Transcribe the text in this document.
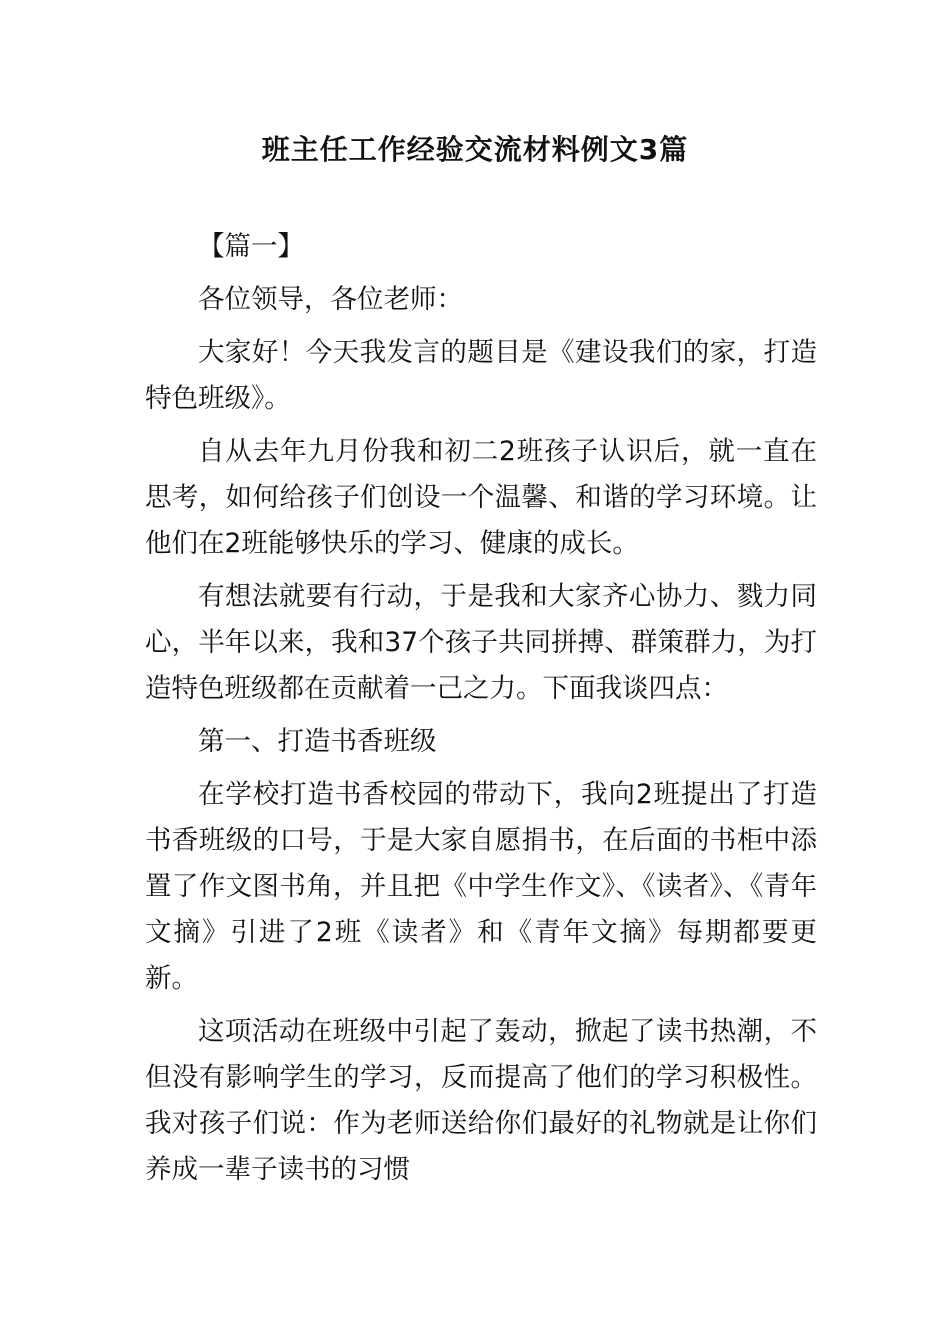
班主任工作经验交流材料例文3篇

【篇一】

各位领导，各位老师：

大家好！今天我发言的题目是《建设我们的家，打造特色班级》。

自从去年九月份我和初二2班孩子认识后，就一直在思考，如何给孩子们创设一个温馨、和谐的学习环境。让他们在2班能够快乐的学习、健康的成长。

有想法就要有行动，于是我和大家齐心协力、戮力同心，半年以来，我和37个孩子共同拼搏、群策群力，为打造特色班级都在贡献着一己之力。下面我谈四点：

第一、打造书香班级

在学校打造书香校园的带动下，我向2班提出了打造书香班级的口号，于是大家自愿捐书，在后面的书柜中添置了作文图书角，并且把《中学生作文》、《读者》、《青年文摘》引进了2班《读者》和《青年文摘》每期都要更新。

这项活动在班级中引起了轰动，掀起了读书热潮，不但没有影响学生的学习，反而提高了他们的学习积极性。我对孩子们说：作为老师送给你们最好的礼物就是让你们养成一辈子读书的习惯
